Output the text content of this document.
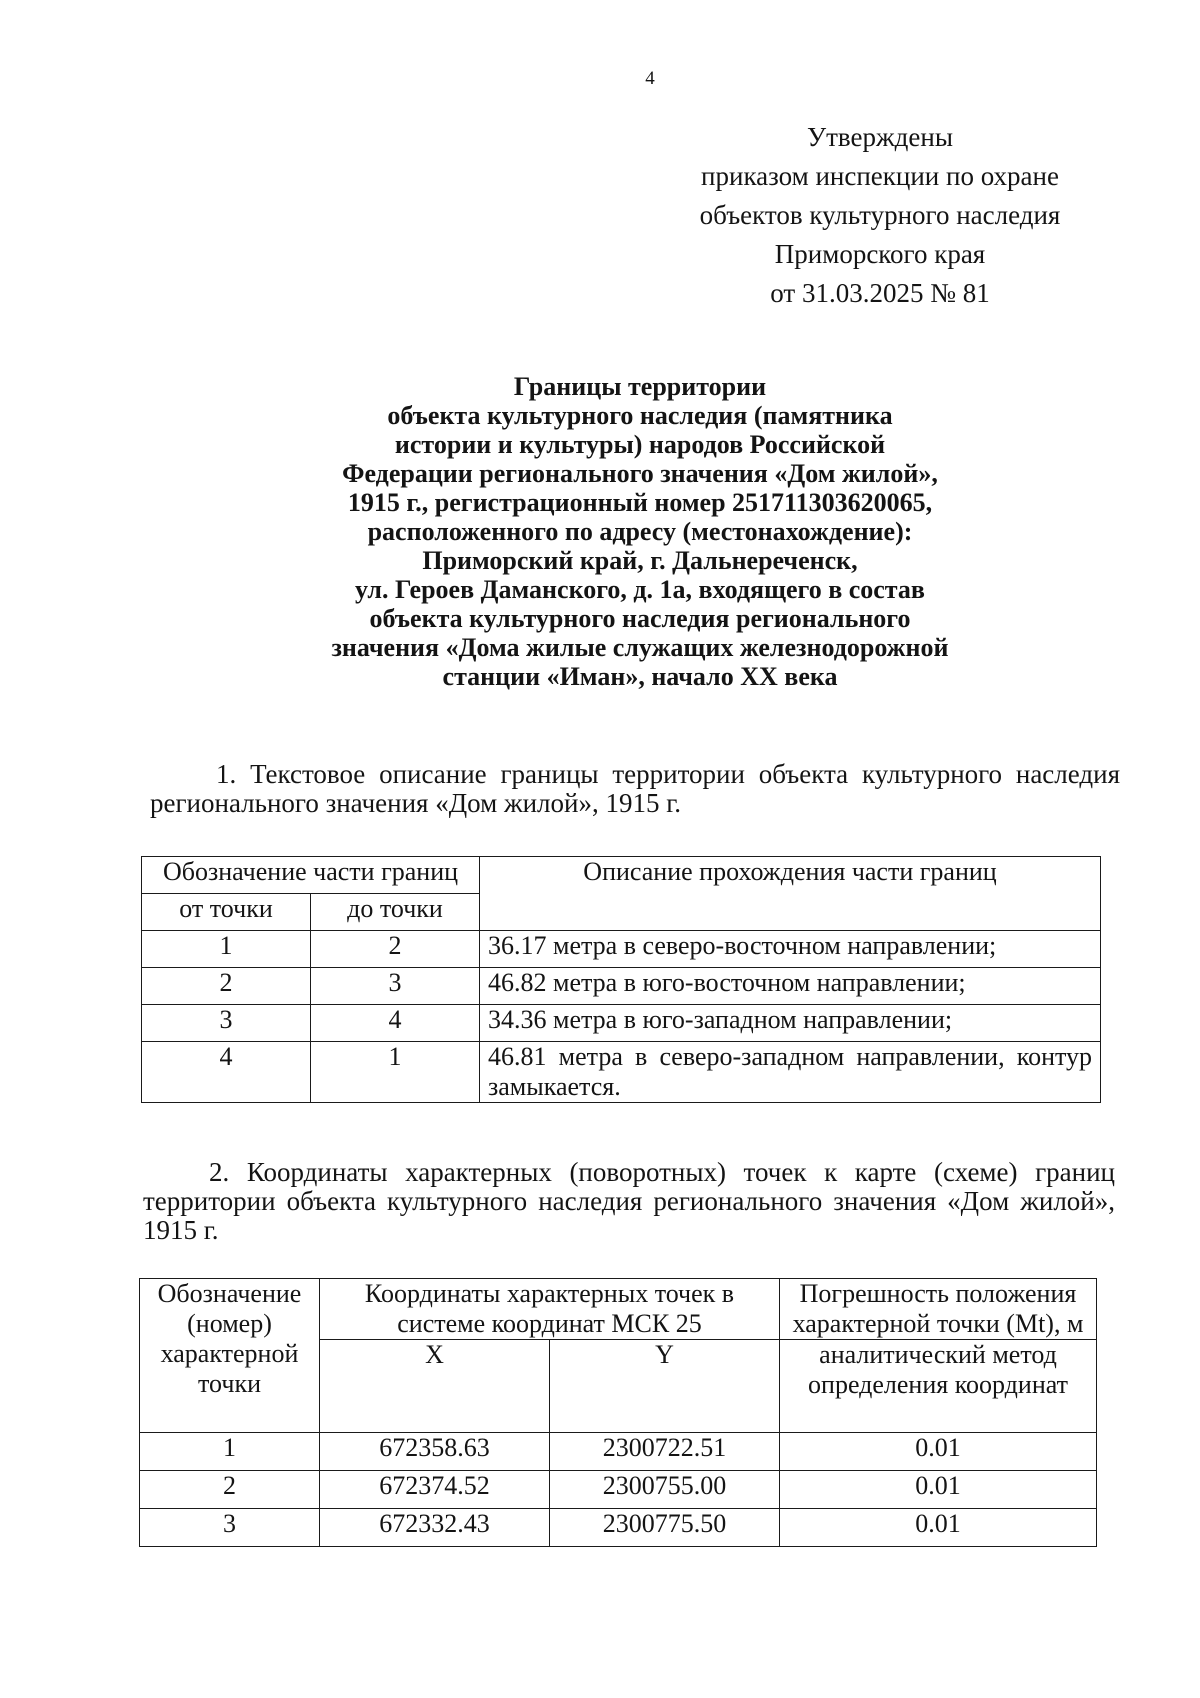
4
Утверждены
приказом инспекции по охране
объектов культурного наследия
Приморского края
от 31.03.2025 № 81
Границы территории
объекта культурного наследия (памятника
истории и культуры) народов Российской
Федерации регионального значения «Дом жилой»,
1915 г., регистрационный номер 251711303620065,
расположенного по адресу (местонахождение):
Приморский край, г. Дальнереченск,
ул. Героев Даманского, д. 1а, входящего в состав
объекта культурного наследия регионального
значения «Дома жилые служащих железнодорожной
станции «Иман», начало XX века
1. Текстовое описание границы территории объекта культурного наследия регионального значения «Дом жилой», 1915 г.
Обозначение части границ		Описание прохождения части границ
от точки	до точки	
1	2	36.17 метра в северо-восточном направлении;
2	3	46.82 метра в юго-восточном направлении;
3	4	34.36 метра в юго-западном направлении;
4	1	46.81 метра в северо-западном направлении, контур замыкается.
2. Координаты характерных (поворотных) точек к карте (схеме) границ территории объекта культурного наследия регионального значения «Дом жилой», 1915 г.
Обозначение (номер) характерной точки	Координаты характерных точек в системе координат МСК 25		Погрешность положения характерной точки (Mt), м
	X	Y	аналитический метод определения координат
1	672358.63	2300722.51	0.01
2	672374.52	2300755.00	0.01
3	672332.43	2300775.50	0.01
